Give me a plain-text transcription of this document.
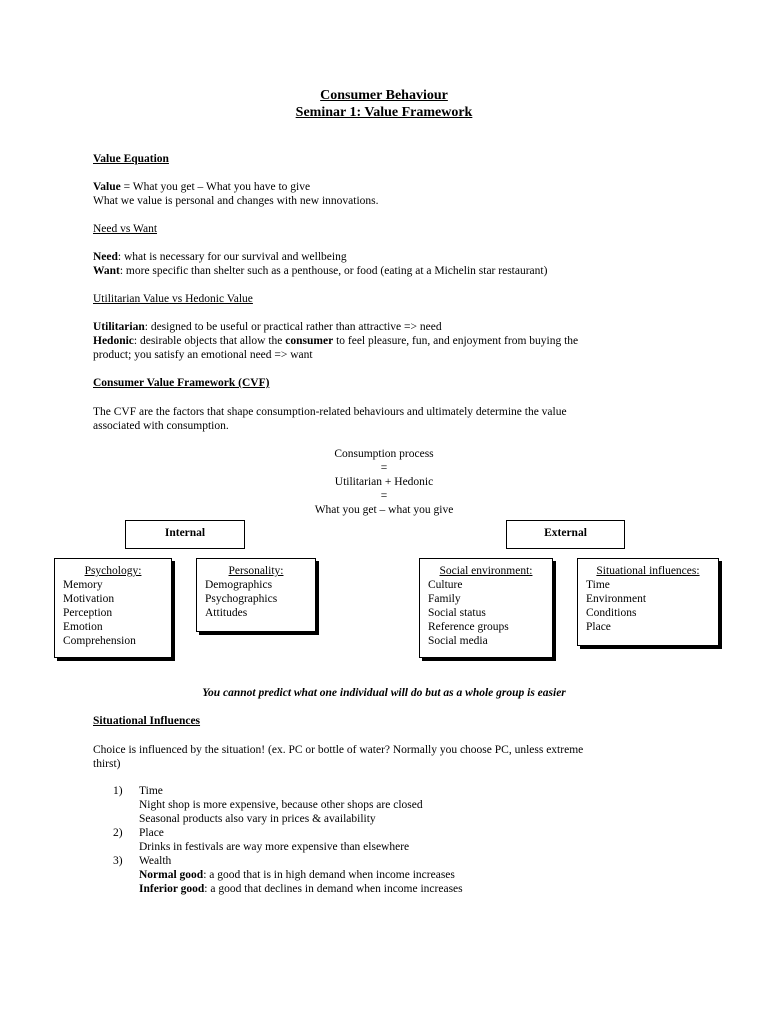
Consumer Behaviour
Seminar 1: Value Framework
Value Equation
Value = What you get – What you have to give
What we value is personal and changes with new innovations.
Need vs Want
Need: what is necessary for our survival and wellbeing
Want: more specific than shelter such as a penthouse, or food (eating at a Michelin star restaurant)
Utilitarian Value vs Hedonic Value
Utilitarian: designed to be useful or practical rather than attractive => need
Hedonic: desirable objects that allow the consumer to feel pleasure, fun, and enjoyment from buying the
product; you satisfy an emotional need => want
Consumer Value Framework (CVF)
The CVF are the factors that shape consumption-related behaviours and ultimately determine the value
associated with consumption.
Consumption process
=
Utilitarian + Hedonic
=
What you get – what you give
Internal	External
Psychology:
Memory
Motivation
Perception
Emotion
Comprehension
Personality:
Demographics
Psychographics
Attitudes
Social environment:
Culture
Family
Social status
Reference groups
Social media
Situational influences:
Time
Environment
Conditions
Place
You cannot predict what one individual will do but as a whole group is easier
Situational Influences
Choice is influenced by the situation! (ex. PC or bottle of water? Normally you choose PC, unless extreme
thirst)
1) Time
Night shop is more expensive, because other shops are closed
Seasonal products also vary in prices & availability
2) Place
Drinks in festivals are way more expensive than elsewhere
3) Wealth
Normal good: a good that is in high demand when income increases
Inferior good: a good that declines in demand when income increases
